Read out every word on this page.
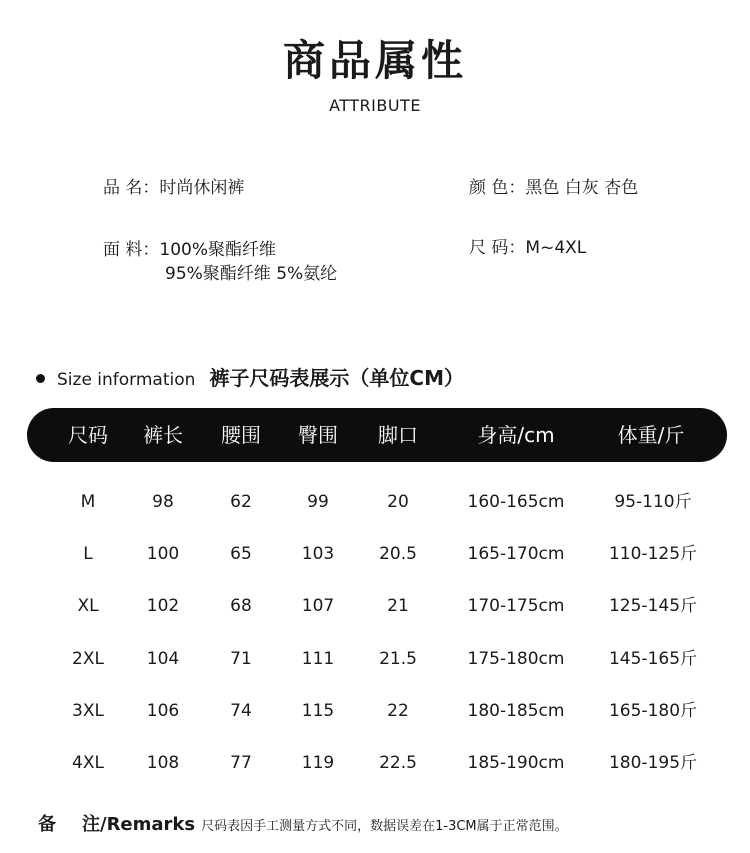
商品属性
ATTRIBUTE
品 名：时尚休闲裤	颜 色：黑色 白灰 杏色
面 料：100%聚酯纤维
95%聚酯纤维 5%氨纶
尺 码：M~4XL
Size information 裤子尺码表展示（单位CM）
尺码 裤长 腰围 臀围 脚口	身高/cm	体重/斤
M	98	62	99	20	160-165cm	95-110斤
L	100	65	103	20.5	165-170cm	110-125斤
XL	102	68	107	21	170-175cm	125-145斤
2XL	104	71	111	21.5	175-180cm	145-165斤
3XL	106	74	115	22	180-185cm	165-180斤
4XL	108	77	119	22.5	185-190cm	180-195斤
备 注/Remarks 尺码表因手工测量方式不同，数据误差在1-3CM属于正常范围。
